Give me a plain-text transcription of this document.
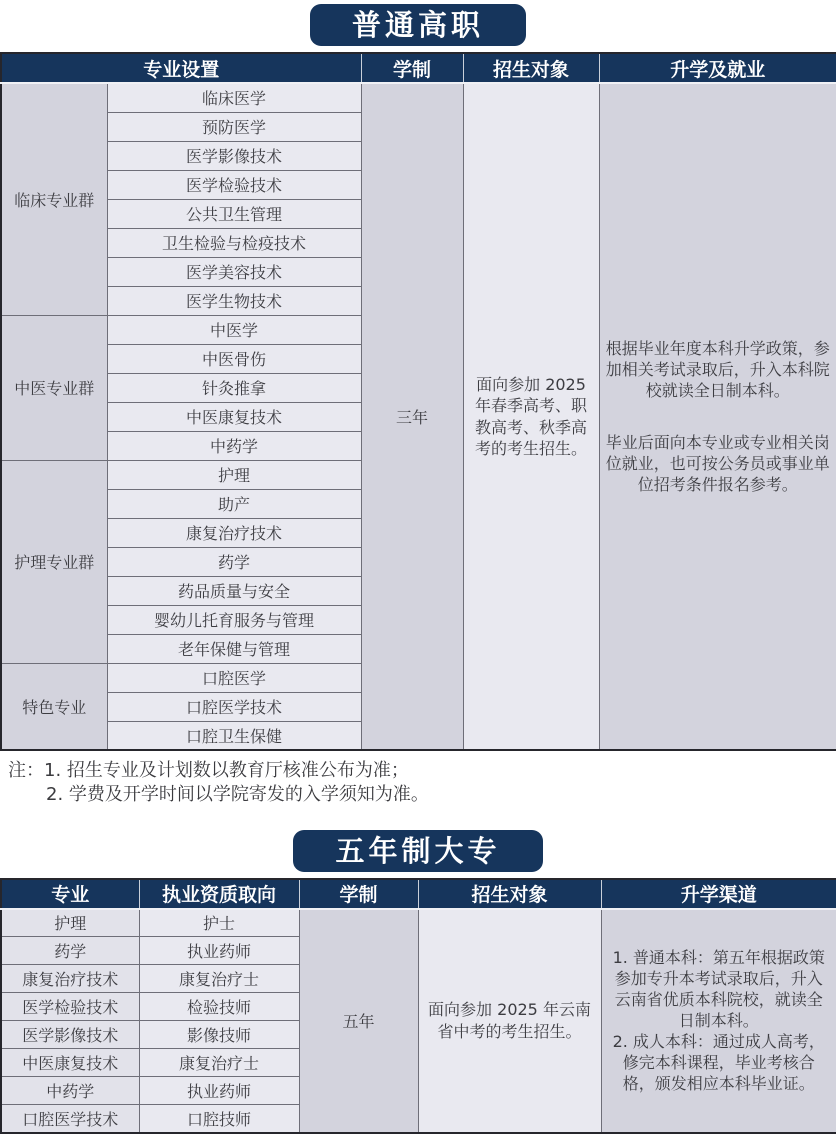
普通高职
专业设置		学制	招生对象	升学及就业
临床专业群	临床医学	三年	面向参加 2025 年春季高考、职教高考、秋季高考的考生招生。	根据毕业年度本科升学政策，参加相关考试录取后，升入本科院校就读全日制本科。
毕业后面向本专业或专业相关岗位就业，也可按公务员或事业单位招考条件报名参考。

	预防医学			
	医学影像技术			
	医学检验技术			
	公共卫生管理			
	卫生检验与检疫技术			
	医学美容技术			
	医学生物技术			
中医专业群	中医学			
	中医骨伤			
	针灸推拿			
	中医康复技术			
	中药学			
护理专业群	护理			
	助产			
	康复治疗技术			
	药学			
	药品质量与安全			
	婴幼儿托育服务与管理			
	老年保健与管理			
特色专业	口腔医学			
	口腔医学技术			
	口腔卫生保健			
注： 1. 招生专业及计划数以教育厅核准公布为准；
2. 学费及开学时间以学院寄发的入学须知为准。
五年制大专
专业	执业资质取向	学制	招生对象	升学渠道
护理	护士	五年	面向参加 2025 年云南省中考的考生招生。	1. 普通本科：第五年根据政策参加专升本考试录取后，升入云南省优质本科院校，就读全日制本科。
2. 成人本科：通过成人高考，修完本科课程，毕业考核合格，颁发相应本科毕业证。

药学	执业药师			
康复治疗技术	康复治疗士			
医学检验技术	检验技师			
医学影像技术	影像技师			
中医康复技术	康复治疗士			
中药学	执业药师			
口腔医学技术	口腔技师			
